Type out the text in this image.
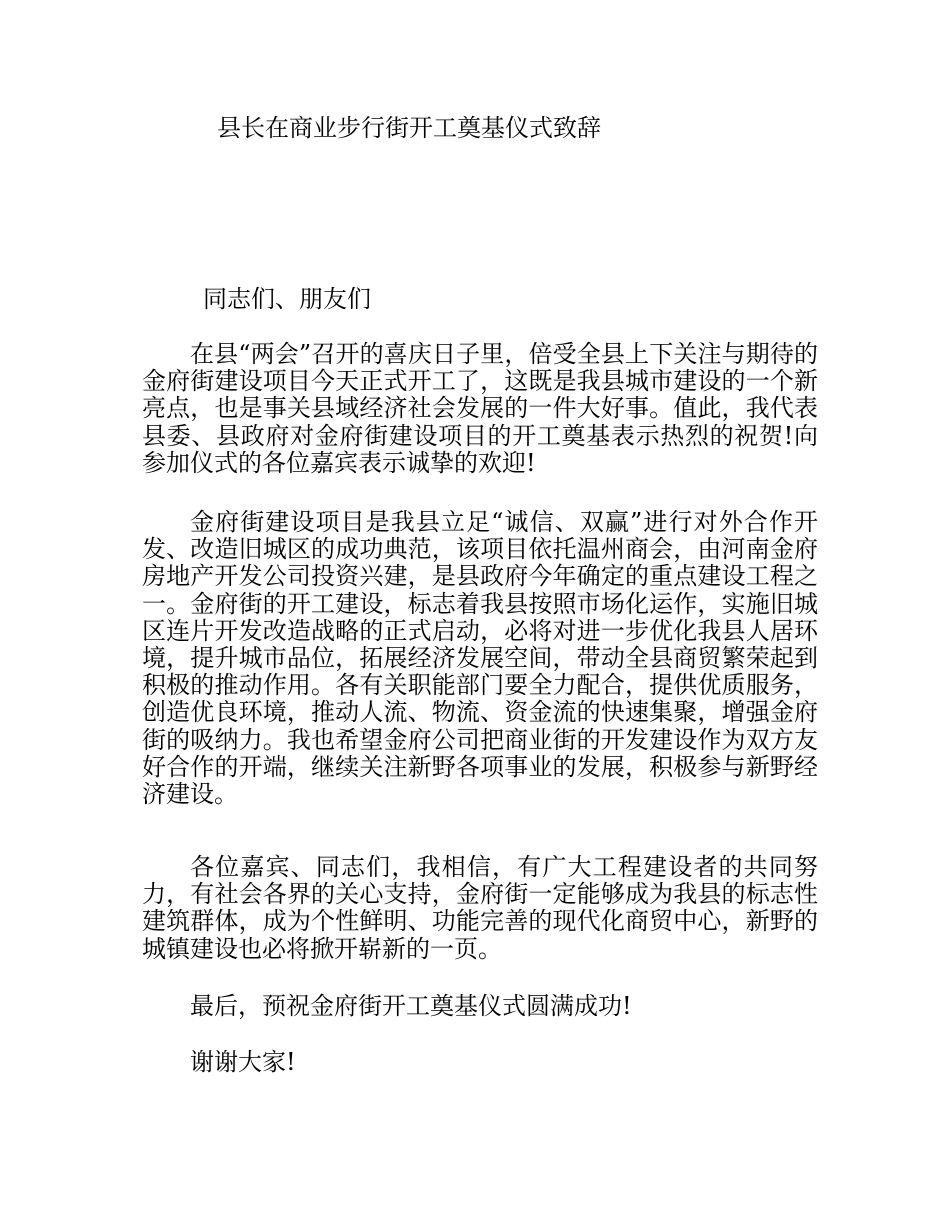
县长在商业步行街开工奠基仪式致辞
同志们、朋友们

在县“两会”召开的喜庆日子里，倍受全县上下关注与期待的金府街建设项目今天正式开工了，这既是我县城市建设的一个新亮点，也是事关县域经济社会发展的一件大好事。值此，我代表县委、县政府对金府街建设项目的开工奠基表示热烈的祝贺!向参加仪式的各位嘉宾表示诚挚的欢迎!

金府街建设项目是我县立足“诚信、双赢”进行对外合作开发、改造旧城区的成功典范，该项目依托温州商会，由河南金府房地产开发公司投资兴建，是县政府今年确定的重点建设工程之一。金府街的开工建设，标志着我县按照市场化运作，实施旧城区连片开发改造战略的正式启动，必将对进一步优化我县人居环境，提升城市品位，拓展经济发展空间，带动全县商贸繁荣起到积极的推动作用。各有关职能部门要全力配合，提供优质服务，创造优良环境，推动人流、物流、资金流的快速集聚，增强金府街的吸纳力。我也希望金府公司把商业街的开发建设作为双方友好合作的开端，继续关注新野各项事业的发展，积极参与新野经济建设。

各位嘉宾、同志们，我相信，有广大工程建设者的共同努力，有社会各界的关心支持，金府街一定能够成为我县的标志性建筑群体，成为个性鲜明、功能完善的现代化商贸中心，新野的城镇建设也必将掀开崭新的一页。

最后，预祝金府街开工奠基仪式圆满成功!

谢谢大家!
